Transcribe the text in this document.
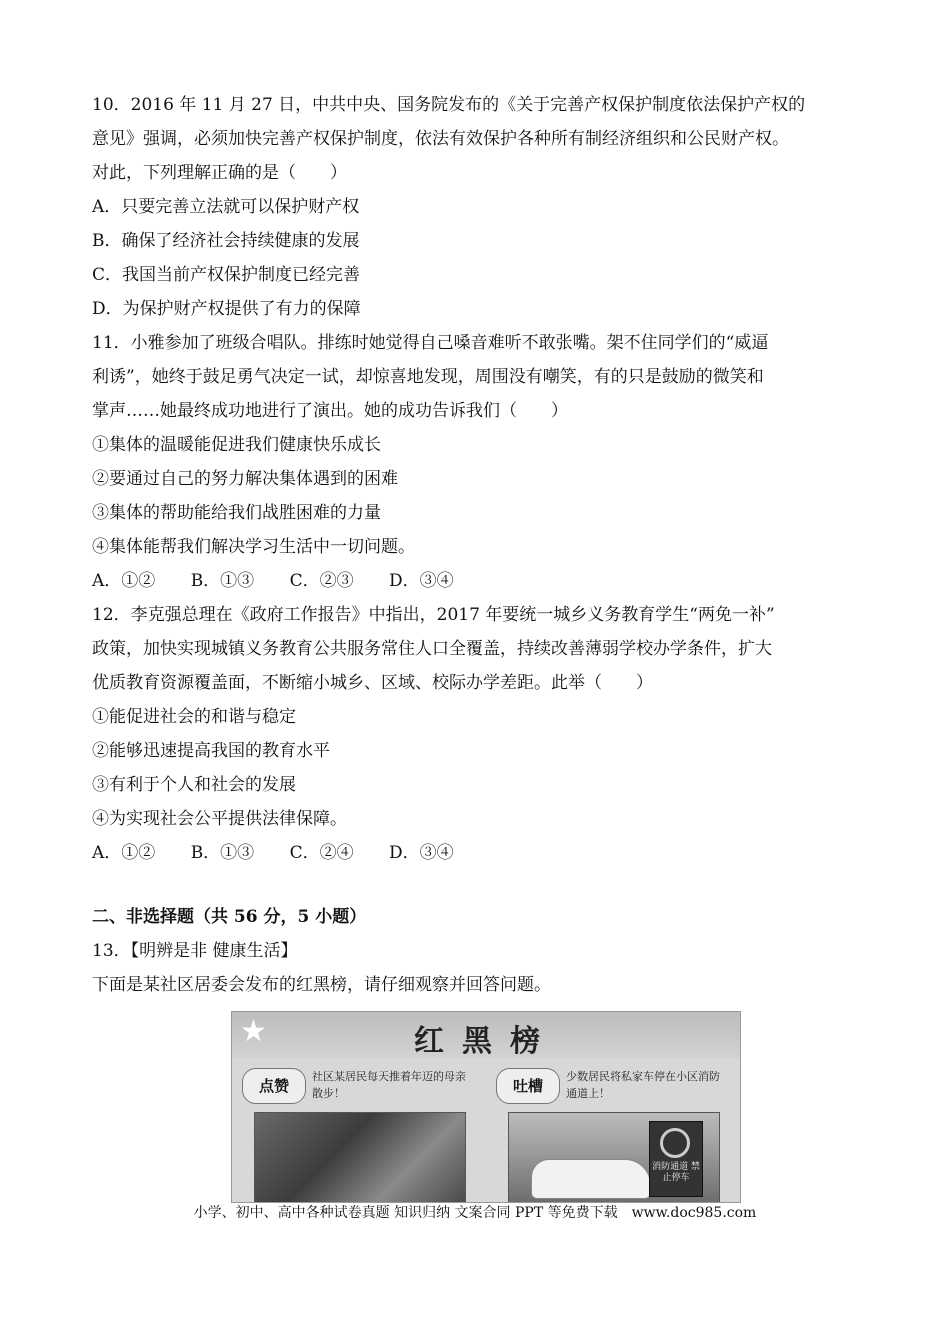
10．2016 年 11 月 27 日，中共中央、国务院发布的《关于完善产权保护制度依法保护产权的
意见》强调，必须加快完善产权保护制度，依法有效保护各种所有制经济组织和公民财产权。
对此，下列理解正确的是（　　）
A．只要完善立法就可以保护财产权
B．确保了经济社会持续健康的发展
C．我国当前产权保护制度已经完善
D．为保护财产权提供了有力的保障
11．小雅参加了班级合唱队。排练时她觉得自己嗓音难听不敢张嘴。架不住同学们的“威逼
利诱”，她终于鼓足勇气决定一试，却惊喜地发现，周围没有嘲笑，有的只是鼓励的微笑和
掌声……她最终成功地进行了演出。她的成功告诉我们（　　）
①集体的温暖能促进我们健康快乐成长
②要通过自己的努力解决集体遇到的困难
③集体的帮助能给我们战胜困难的力量
④集体能帮我们解决学习生活中一切问题。
A．①② B．①③ C．②③ D．③④
12．李克强总理在《政府工作报告》中指出，2017 年要统一城乡义务教育学生“两免一补”
政策，加快实现城镇义务教育公共服务常住人口全覆盖，持续改善薄弱学校办学条件，扩大
优质教育资源覆盖面，不断缩小城乡、区域、校际办学差距。此举（　　）
①能促进社会的和谐与稳定
②能够迅速提高我国的教育水平
③有利于个人和社会的发展
④为实现社会公平提供法律保障。
A．①② B．①③ C．②④ D．③④
二、非选择题（共 56 分，5 小题）
13．【明辨是非 健康生活】
下面是某社区居委会发布的红黑榜，请仔细观察并回答问题。
★	红黑榜
点赞
社区某居民每天推着年迈的母亲散步！	吐槽
少数居民将私家车停在小区消防通道上！
消防通道 禁止停车
小学、初中、高中各种试卷真题 知识归纳 文案合同 PPT 等免费下载　www.doc985.com
